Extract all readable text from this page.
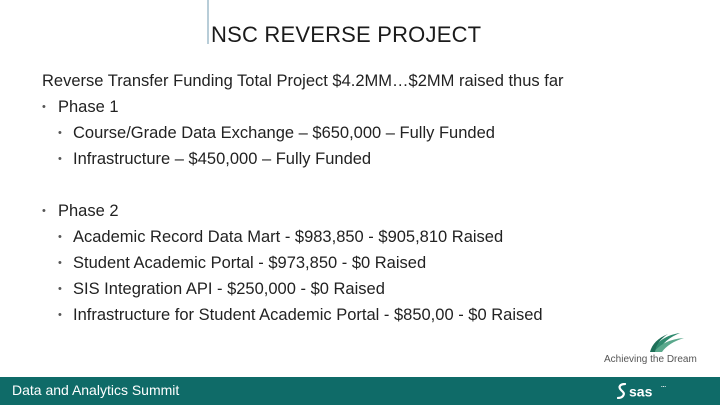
NSC REVERSE PROJECT
Reverse Transfer Funding Total Project $4.2MM…$2MM raised thus far
• Phase 1
• Course/Grade Data Exchange – $650,000 – Fully Funded
• Infrastructure – $450,000 – Fully Funded
• Phase 2
• Academic Record Data Mart - $983,850 - $905,810 Raised
• Student Academic Portal - $973,850 - $0 Raised
• SIS Integration API - $250,000 - $0 Raised
• Infrastructure for Student Academic Portal - $850,00 - $0 Raised
Achieving the Dream
Data and Analytics Summit	sas ...
